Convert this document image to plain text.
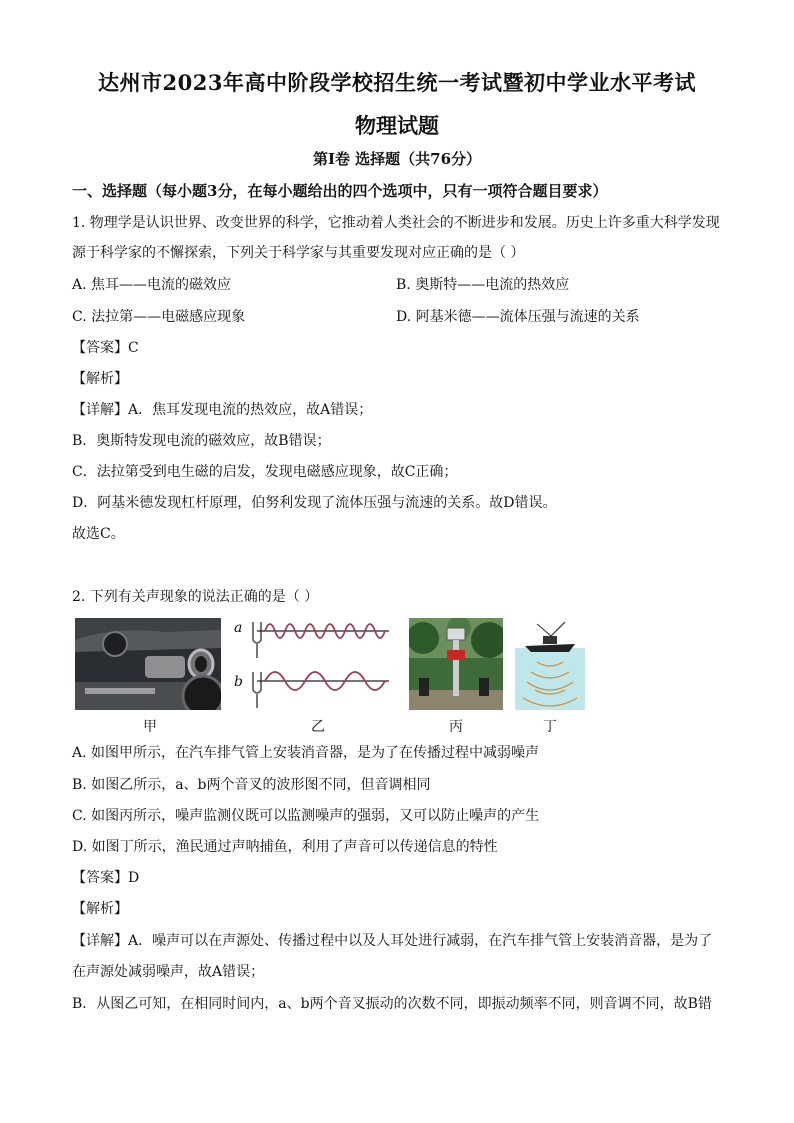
达州市2023年高中阶段学校招生统一考试暨初中学业水平考试
物理试题
第Ⅰ卷 选择题（共76分）
一、选择题（每小题3分，在每小题给出的四个选项中，只有一项符合题目要求）
1. 物理学是认识世界、改变世界的科学，它推动着人类社会的不断进步和发展。历史上许多重大科学发现
源于科学家的不懈探索，下列关于科学家与其重要发现对应正确的是（ ）
A. 焦耳——电流的磁效应	B. 奥斯特——电流的热效应
C. 法拉第——电磁感应现象	D. 阿基米德——流体压强与流速的关系
【答案】C
【解析】
【详解】A．焦耳发现电流的热效应，故A错误；
B．奥斯特发现电流的磁效应，故B错误；
C．法拉第受到电生磁的启发，发现电磁感应现象，故C正确；
D．阿基米德发现杠杆原理，伯努利发现了流体压强与流速的关系。故D错误。
故选C。
2. 下列有关声现象的说法正确的是（ ）
甲
a
b
乙	丙	丁
A. 如图甲所示，在汽车排气管上安装消音器，是为了在传播过程中减弱噪声
B. 如图乙所示，a、b两个音叉的波形图不同，但音调相同
C. 如图丙所示，噪声监测仪既可以监测噪声的强弱，又可以防止噪声的产生
D. 如图丁所示，渔民通过声呐捕鱼，利用了声音可以传递信息的特性
【答案】D
【解析】
【详解】A．噪声可以在声源处、传播过程中以及人耳处进行减弱，在汽车排气管上安装消音器，是为了
在声源处减弱噪声，故A错误；
B．从图乙可知，在相同时间内，a、b两个音叉振动的次数不同，即振动频率不同，则音调不同，故B错
